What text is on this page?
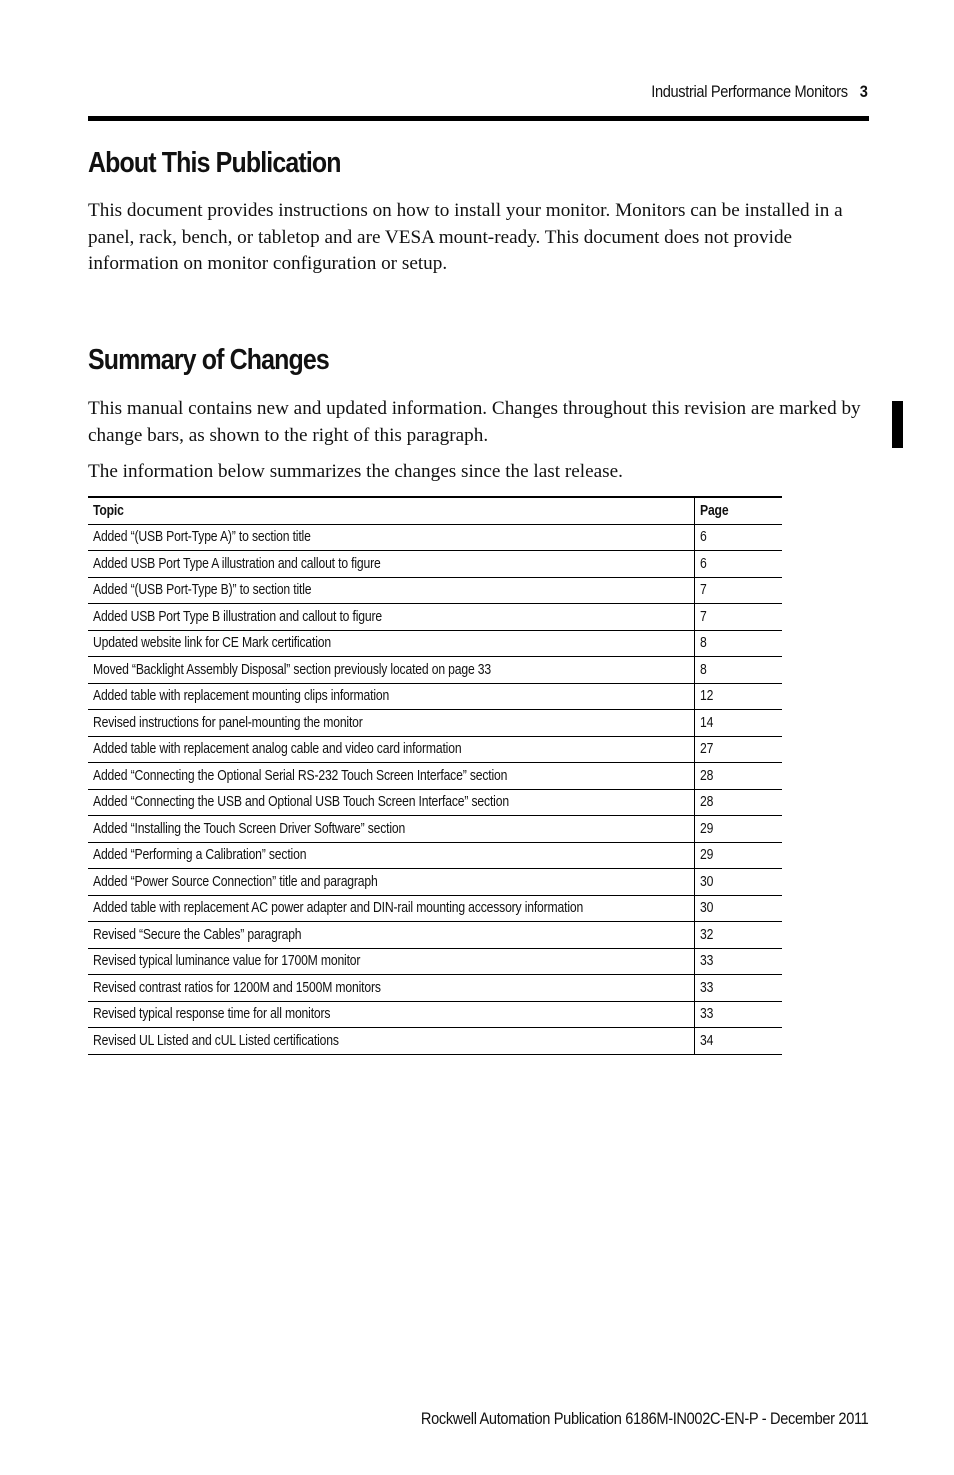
Industrial Performance Monitors 3
About This Publication

This document provides instructions on how to install your monitor. Monitors can be installed in a panel, rack, bench, or tabletop and are VESA mount-ready. This document does not provide information on monitor configuration or setup.

Summary of Changes

This manual contains new and updated information. Changes throughout this revision are marked by change bars, as shown to the right of this paragraph.

The information below summarizes the changes since the last release.

Topic	Page
Added “(USB Port-Type A)” to section title	6
Added USB Port Type A illustration and callout to figure	6
Added “(USB Port-Type B)” to section title	7
Added USB Port Type B illustration and callout to figure	7
Updated website link for CE Mark certification	8
Moved “Backlight Assembly Disposal” section previously located on page 33	8
Added table with replacement mounting clips information	12
Revised instructions for panel-mounting the monitor	14
Added table with replacement analog cable and video card information	27
Added “Connecting the Optional Serial RS-232 Touch Screen Interface” section	28
Added “Connecting the USB and Optional USB Touch Screen Interface” section	28
Added “Installing the Touch Screen Driver Software” section	29
Added “Performing a Calibration” section	29
Added “Power Source Connection” title and paragraph	30
Added table with replacement AC power adapter and DIN-rail mounting accessory information	30
Revised “Secure the Cables” paragraph	32
Revised typical luminance value for 1700M monitor	33
Revised contrast ratios for 1200M and 1500M monitors	33
Revised typical response time for all monitors	33
Revised UL Listed and cUL Listed certifications	34
Rockwell Automation Publication 6186M-IN002C-EN-P - December 2011
